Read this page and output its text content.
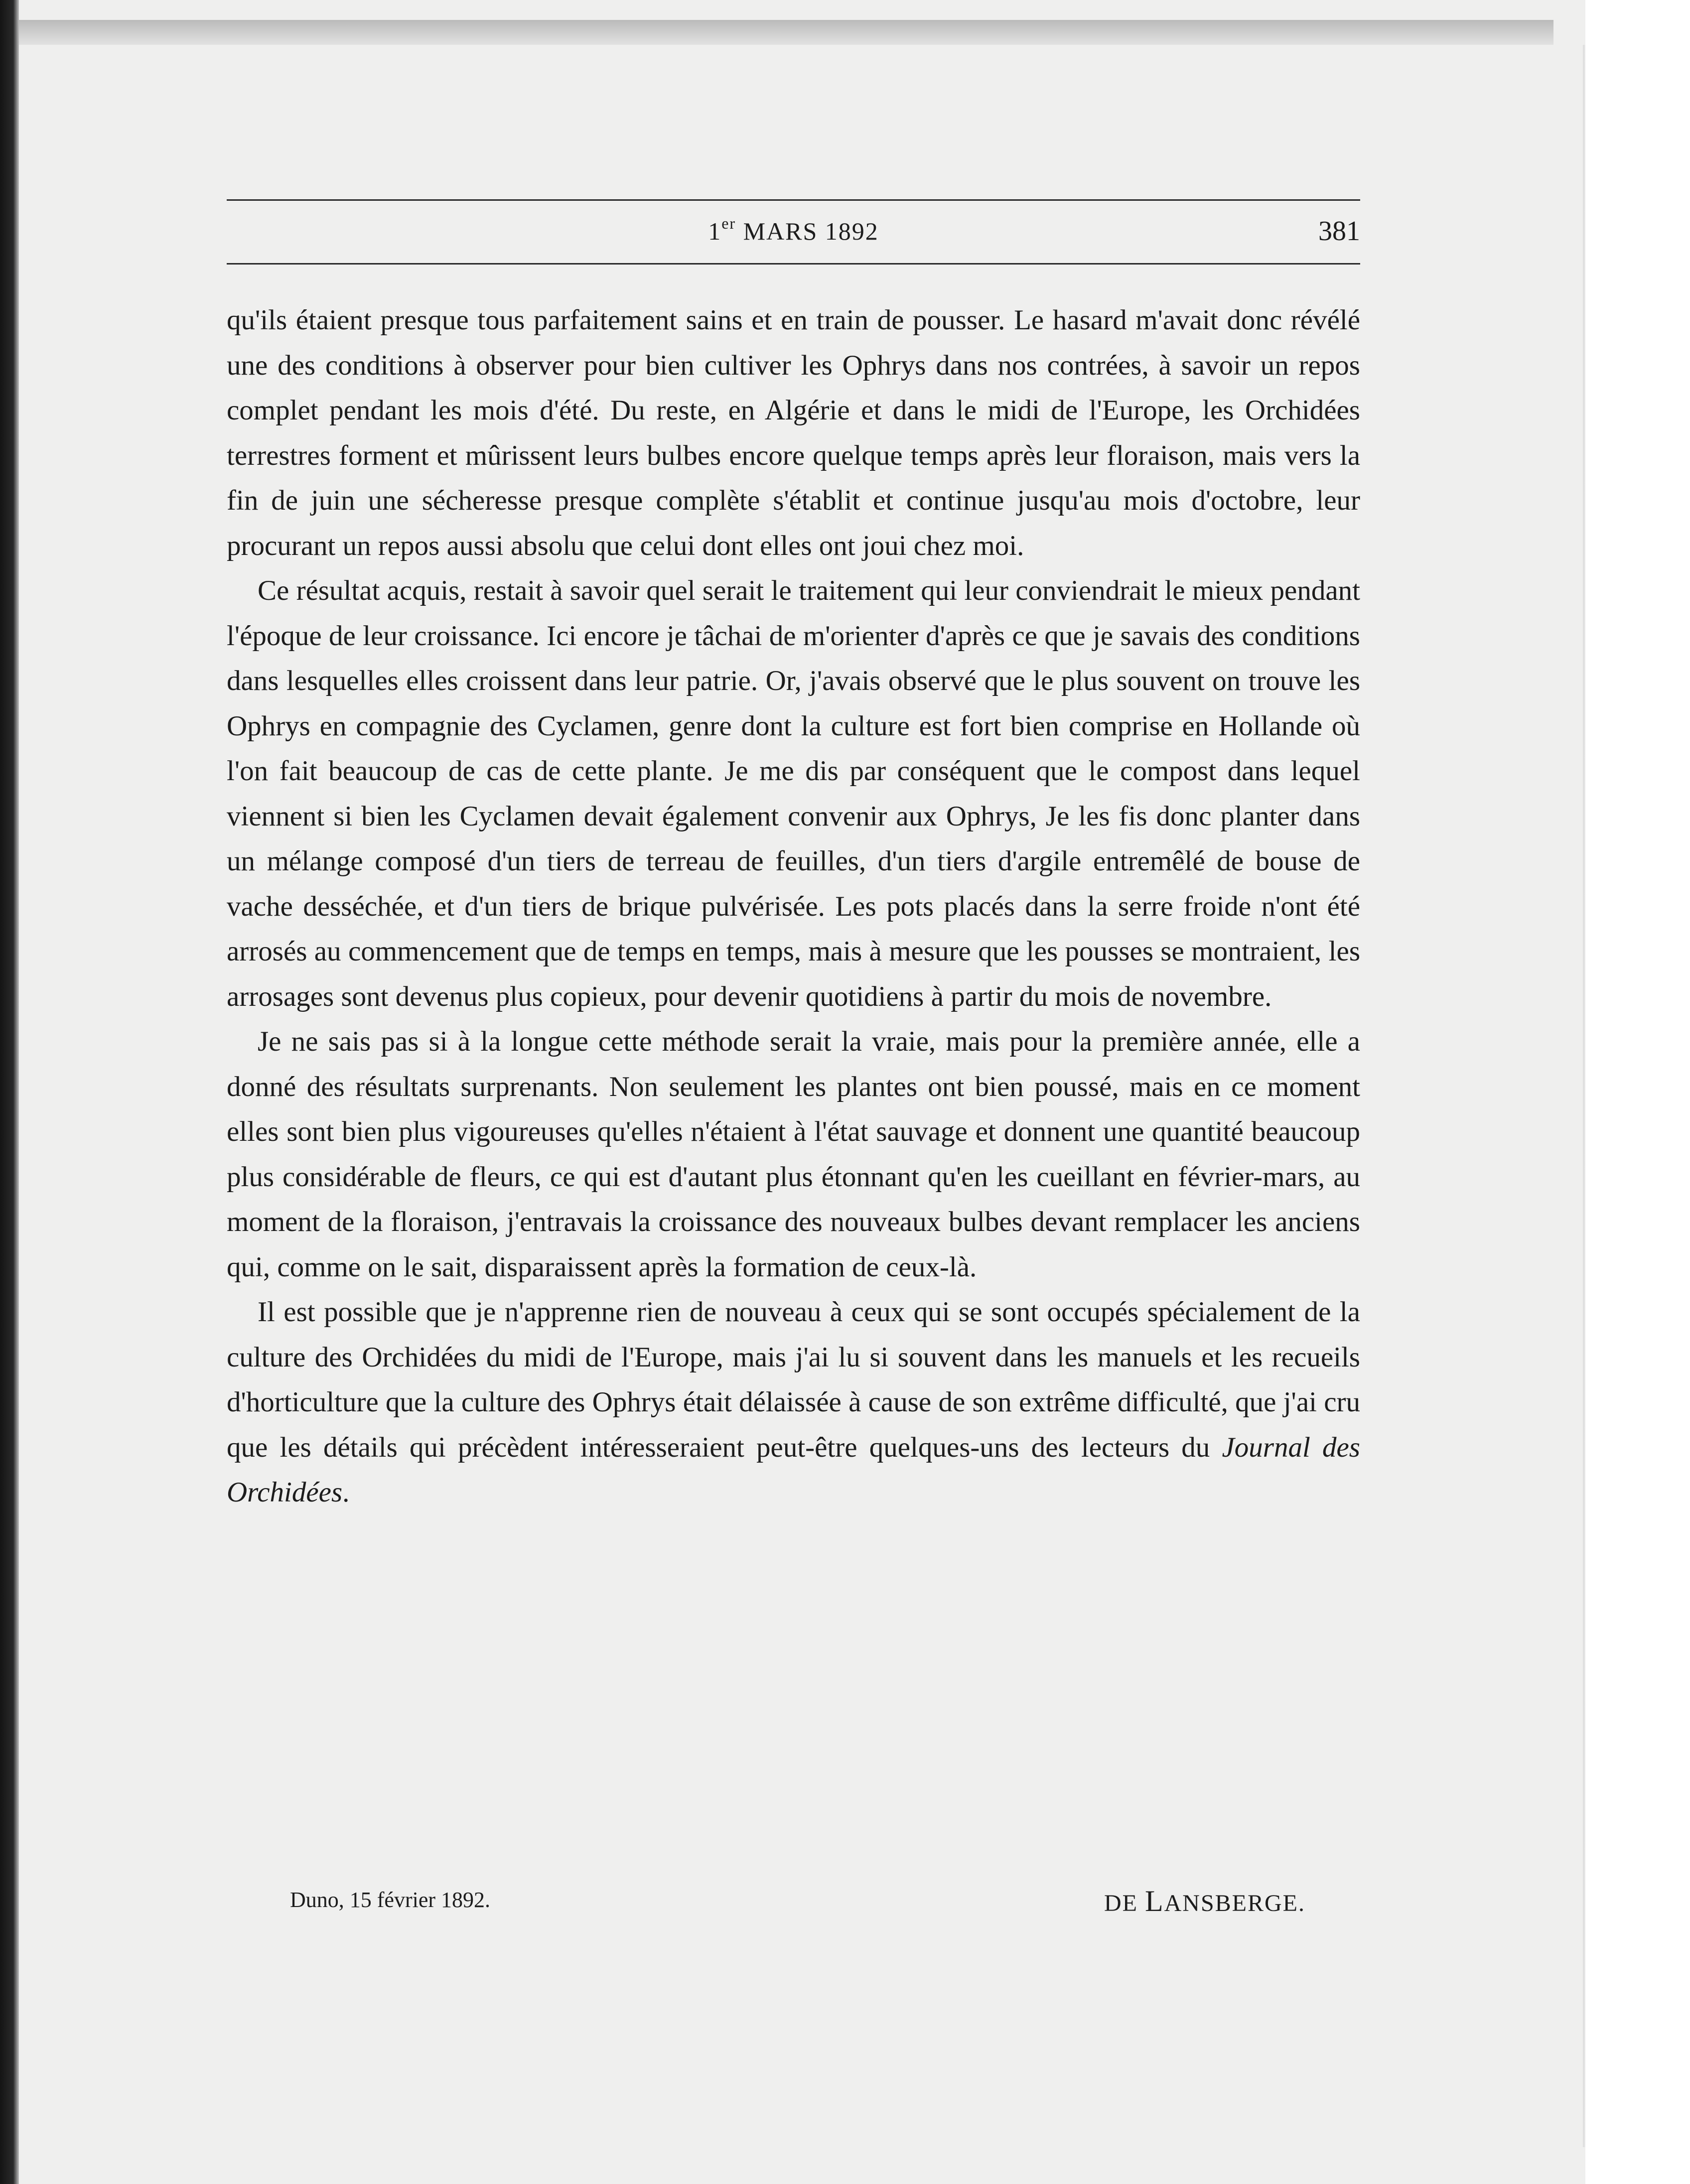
1er MARS 1892	381

qu'ils étaient presque tous parfaitement sains et en train de pousser. Le hasard m'avait donc révélé une des conditions à observer pour bien cultiver les Ophrys dans nos contrées, à savoir un repos complet pendant les mois d'été. Du reste, en Algérie et dans le midi de l'Europe, les Orchidées terrestres forment et mûrissent leurs bulbes encore quelque temps après leur floraison, mais vers la fin de juin une sécheresse presque complète s'établit et continue jusqu'au mois d'octobre, leur procurant un repos aussi absolu que celui dont elles ont joui chez moi.

Ce résultat acquis, restait à savoir quel serait le traitement qui leur conviendrait le mieux pendant l'époque de leur croissance. Ici encore je tâchai de m'orienter d'après ce que je savais des conditions dans lesquelles elles croissent dans leur patrie. Or, j'avais observé que le plus souvent on trouve les Ophrys en compagnie des Cyclamen, genre dont la culture est fort bien comprise en Hollande où l'on fait beaucoup de cas de cette plante. Je me dis par conséquent que le compost dans lequel viennent si bien les Cyclamen devait également convenir aux Ophrys, Je les fis donc planter dans un mélange composé d'un tiers de terreau de feuilles, d'un tiers d'argile entremêlé de bouse de vache desséchée, et d'un tiers de brique pulvérisée. Les pots placés dans la serre froide n'ont été arrosés au commencement que de temps en temps, mais à mesure que les pousses se montraient, les arrosages sont devenus plus copieux, pour devenir quotidiens à partir du mois de novembre.

Je ne sais pas si à la longue cette méthode serait la vraie, mais pour la première année, elle a donné des résultats surprenants. Non seulement les plantes ont bien poussé, mais en ce moment elles sont bien plus vigoureuses qu'elles n'étaient à l'état sauvage et donnent une quantité beaucoup plus considérable de fleurs, ce qui est d'autant plus étonnant qu'en les cueillant en février-mars, au moment de la floraison, j'entravais la croissance des nouveaux bulbes devant remplacer les anciens qui, comme on le sait, disparaissent après la formation de ceux-là.

Il est possible que je n'apprenne rien de nouveau à ceux qui se sont occupés spécialement de la culture des Orchidées du midi de l'Europe, mais j'ai lu si souvent dans les manuels et les recueils d'horticulture que la culture des Ophrys était délaissée à cause de son extrême difficulté, que j'ai cru que les détails qui précèdent intéresseraient peut-être quelques-uns des lecteurs du Journal des Orchidées.

Duno, 15 février 1892.	DE LANSBERGE.
